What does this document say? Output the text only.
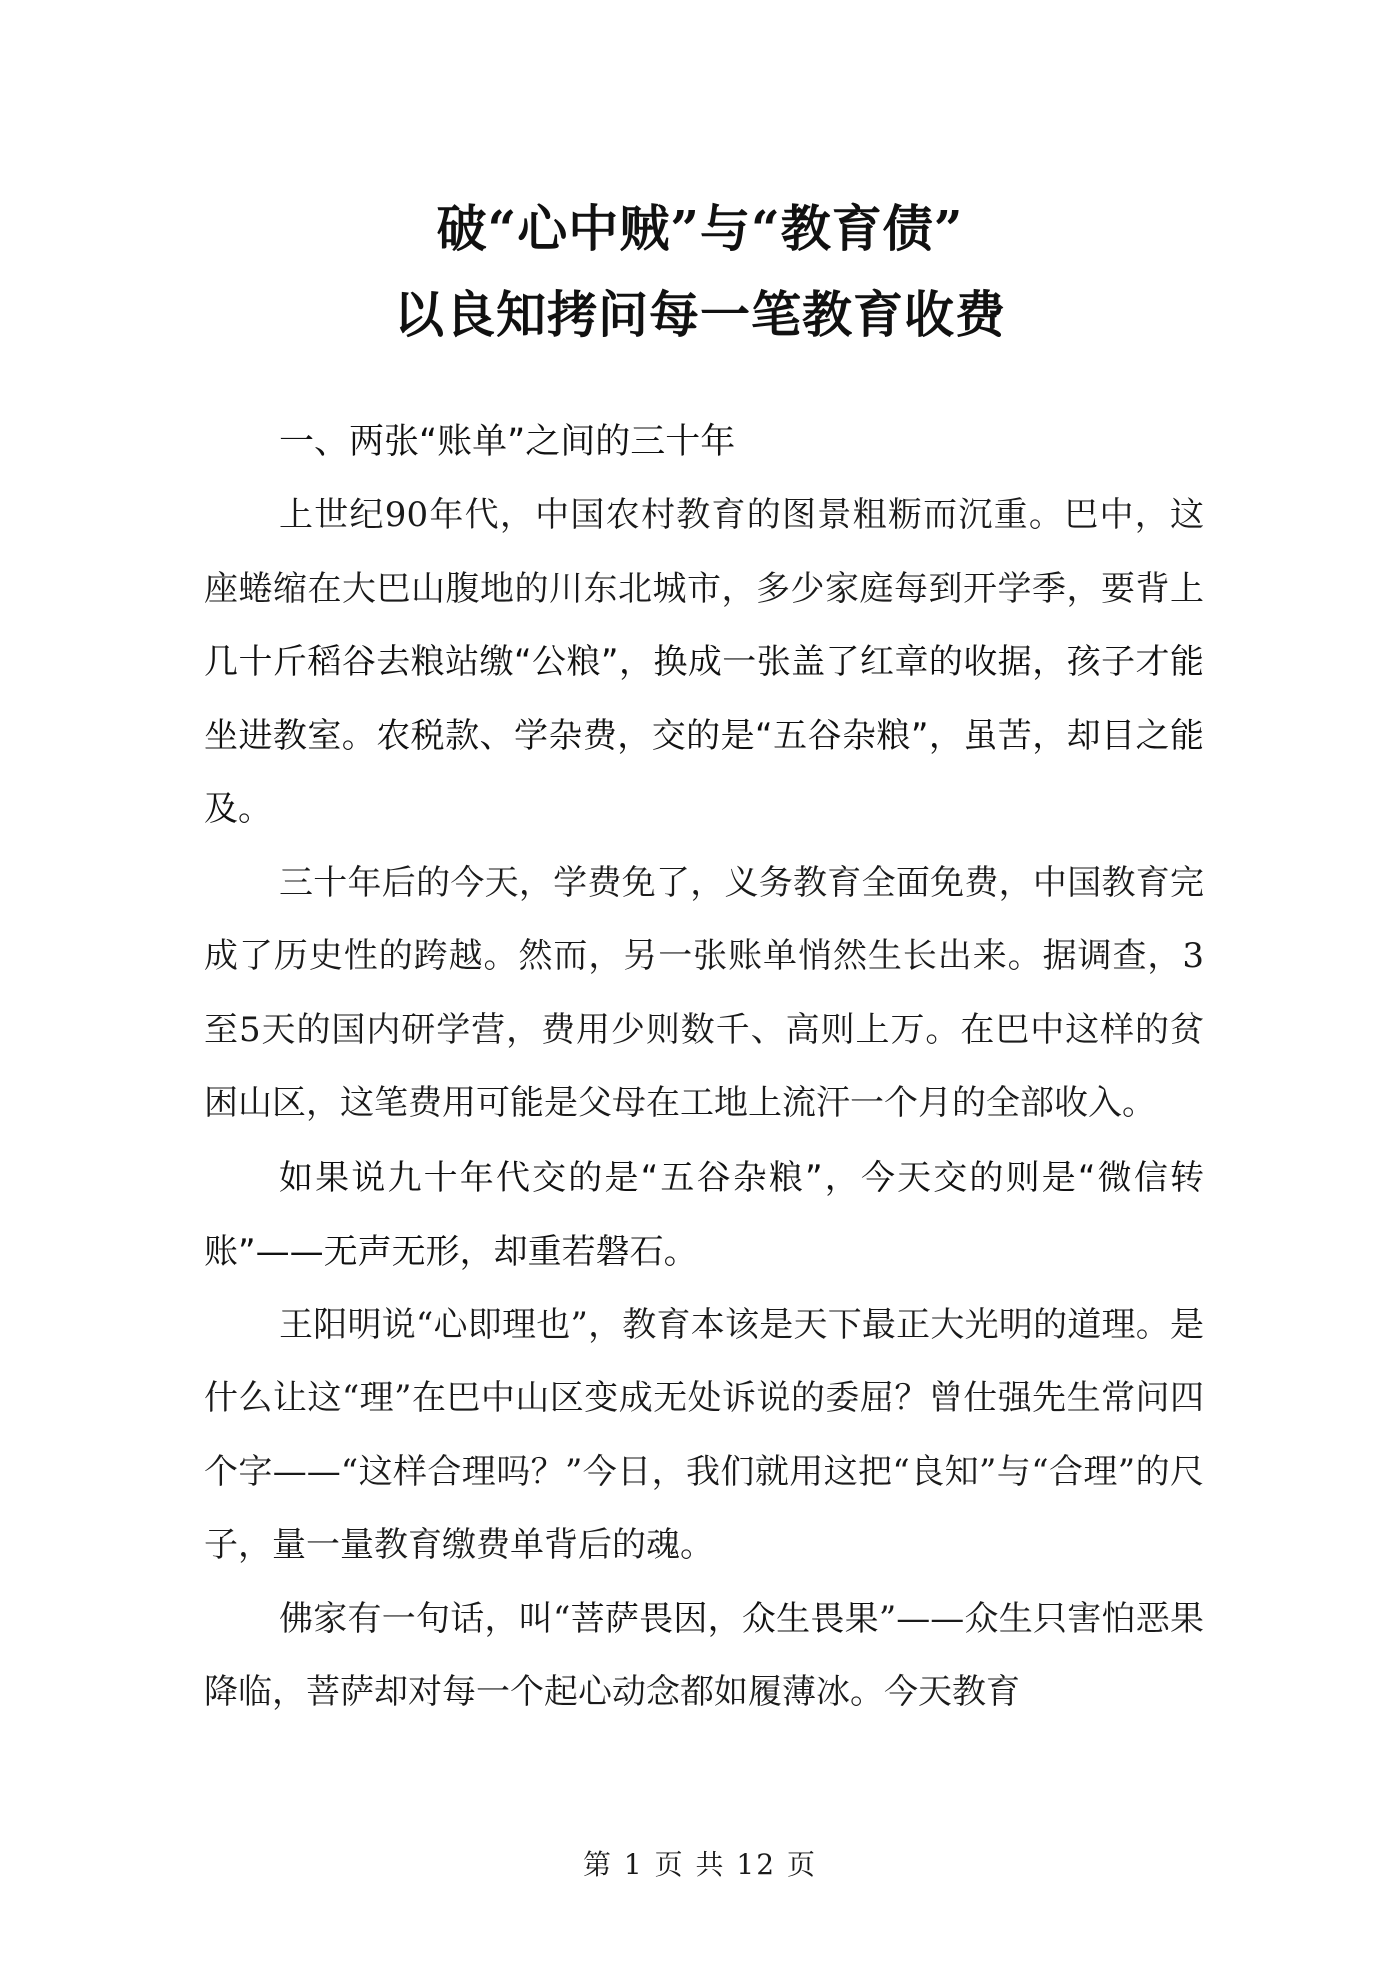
破“心中贼”与“教育债”
以良知拷问每一笔教育收费

一、两张“账单”之间的三十年

上世纪90年代，中国农村教育的图景粗粝而沉重。巴中，这座蜷缩在大巴山腹地的川东北城市，多少家庭每到开学季，要背上几十斤稻谷去粮站缴“公粮”，换成一张盖了红章的收据，孩子才能坐进教室。农税款、学杂费，交的是“五谷杂粮”，虽苦，却目之能及。

三十年后的今天，学费免了，义务教育全面免费，中国教育完成了历史性的跨越。然而，另一张账单悄然生长出来。据调查，3至5天的国内研学营，费用少则数千、高则上万。在巴中这样的贫困山区，这笔费用可能是父母在工地上流汗一个月的全部收入。

如果说九十年代交的是“五谷杂粮”，今天交的则是“微信转账”——无声无形，却重若磐石。

王阳明说“心即理也”，教育本该是天下最正大光明的道理。是什么让这“理”在巴中山区变成无处诉说的委屈？曾仕强先生常问四个字——“这样合理吗？”今日，我们就用这把“良知”与“合理”的尺子，量一量教育缴费单背后的魂。

佛家有一句话，叫“菩萨畏因，众生畏果”——众生只害怕恶果降临，菩萨却对每一个起心动念都如履薄冰。今天教育

第 1 页 共 12 页
